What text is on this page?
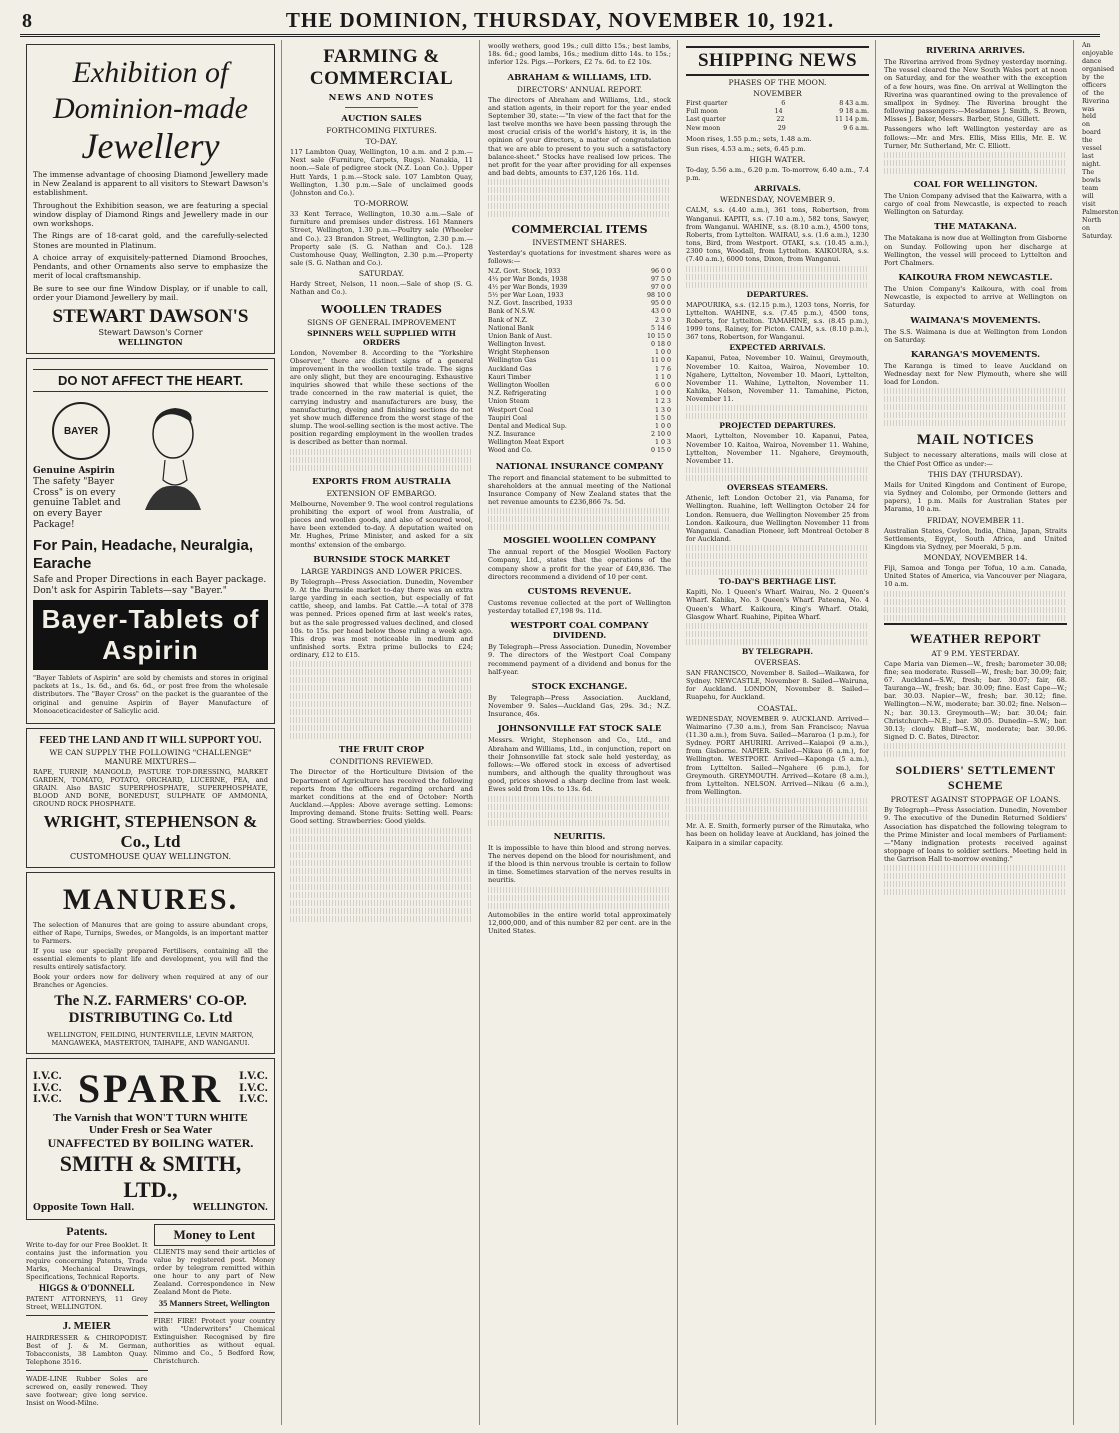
8	THE DOMINION, THURSDAY, NOVEMBER 10, 1921.
Exhibition of
Dominion-made
Jewellery

The immense advantage of choosing Diamond Jewellery made in New Zealand is apparent to all visitors to Stewart Dawson's establishment.

Throughout the Exhibition season, we are featuring a special window display of Diamond Rings and Jewellery made in our own workshops.

The Rings are of 18-carat gold, and the carefully-selected Stones are mounted in Platinum.

A choice array of exquisitely-patterned Diamond Brooches, Pendants, and other Ornaments also serve to emphasize the merit of local craftsmanship.

Be sure to see our fine Window Display, or if unable to call, order your Diamond Jewellery by mail.

STEWART DAWSON'S
Stewart Dawson's Corner
WELLINGTON
DO NOT AFFECT THE HEART.
BAYER
Genuine Aspirin
The safety "Bayer Cross" is on every genuine Tablet and on every Bayer Package!
For Pain, Headache, Neuralgia, Earache
Safe and Proper Directions in each Bayer package. Don't ask for Aspirin Tablets—say "Bayer."
Bayer-Tablets of Aspirin
"Bayer Tablets of Aspirin" are sold by chemists and stores in original packets at 1s., 1s. 6d., and 6s. 6d., or post free from the wholesale distributors. The "Bayer Cross" on the packet is the guarantee of the original and genuine Aspirin of Bayer Manufacture of Monoaceticacidester of Salicylic acid.
FEED THE LAND AND IT WILL SUPPORT YOU.
WE CAN SUPPLY THE FOLLOWING "CHALLENGE" MANURE MIXTURES—
RAPE, TURNIP, MANGOLD, PASTURE TOP-DRESSING, MARKET GARDEN, TOMATO, POTATO, ORCHARD, LUCERNE, PEA, and GRAIN. Also BASIC SUPERPHOSPHATE, SUPERPHOSPHATE, BLOOD AND BONE, BONEDUST, SULPHATE OF AMMONIA, GROUND ROCK PHOSPHATE.
WRIGHT, STEPHENSON & Co., Ltd
CUSTOMHOUSE QUAY WELLINGTON.
MANURES.
The selection of Manures that are going to assure abundant crops, either of Rape, Turnips, Swedes, or Mangolds, is an important matter to Farmers.
If you use our specially prepared Fertilisers, containing all the essential elements to plant life and development, you will find the results entirely satisfactory.
Book your orders now for delivery when required at any of our Branches or Agencies.
The N.Z. FARMERS' CO-OP. DISTRIBUTING Co. Ltd
WELLINGTON, FEILDING, HUNTERVILLE, LEVIN MARTON, MANGAWEKA, MASTERTON, TAIHAPE, AND WANGANUI.
I.V.C.
I.V.C.
I.V.C. SPARR I.V.C.
I.V.C.
I.V.C.
The Varnish that WON'T TURN WHITE
Under Fresh or Sea Water
UNAFFECTED BY BOILING WATER.
SMITH & SMITH, LTD.,
Opposite Town Hall.	WELLINGTON.
Patents.
Write to-day for our Free Booklet. It contains just the information you require concerning Patents, Trade Marks, Mechanical Drawings, Specifications, Technical Reports.
HIGGS & O'DONNELL
PATENT ATTORNEYS, 11 Grey Street, WELLINGTON.
J. MEIER
HAIRDRESSER & CHIROPODIST. Best of J. & M. German, Tobacconists, 38 Lambton Quay. Telephone 3516.
WADE-LINE Rubber Soles are screwed on, easily renewed. They save footwear; give long service. Insist on Wood-Milne.
Money to Lent
CLIENTS may send their articles of value by registered post. Money order by telegram remitted within one hour to any part of New Zealand. Correspondence in New Zealand Mont de Piete.
35 Manners Street, Wellington
FIRE! FIRE! Protect your country with "Underwriters" Chemical Extinguisher. Recognised by fire authorities as without equal. Nimmo and Co., 5 Bedford Row, Christchurch.
FARMING & COMMERCIAL
NEWS AND NOTES
AUCTION SALES
FORTHCOMING FIXTURES.
TO-DAY.
117 Lambton Quay, Wellington, 10 a.m. and 2 p.m.—Next sale (Furniture, Carpets, Rugs). Nanakia, 11 noon.—Sale of pedigree stock (N.Z. Loan Co.). Upper Hutt Yards, 1 p.m.—Stock sale. 107 Lambton Quay, Wellington, 1.30 p.m.—Sale of unclaimed goods (Johnston and Co.).
TO-MORROW.
33 Kent Terrace, Wellington, 10.30 a.m.—Sale of furniture and premises under distress. 161 Manners Street, Wellington, 1.30 p.m.—Poultry sale (Wheeler and Co.). 23 Brandon Street, Wellington, 2.30 p.m.—Property sale (S. G. Nathan and Co.). 128 Customhouse Quay, Wellington, 2.30 p.m.—Property sale (S. G. Nathan and Co.).
SATURDAY.
Hardy Street, Nelson, 11 noon.—Sale of shop (S. G. Nathan and Co.).
WOOLLEN TRADES
SIGNS OF GENERAL IMPROVEMENT
SPINNERS WELL SUPPLIED WITH ORDERS
London, November 8. According to the "Yorkshire Observer," there are distinct signs of a general improvement in the woollen textile trade. The signs are only slight, but they are encouraging. Exhaustive inquiries showed that while these sections of the trade concerned in the raw material is quiet, the carrying industry and manufacturers are busy, the manufacturing, dyeing and finishing sections do not yet show much difference from the worst stage of the slump. The wool-selling section is the most active. The position regarding employment in the woollen trades is described as better than normal.
EXPORTS FROM AUSTRALIA
EXTENSION OF EMBARGO.
Melbourne, November 9. The wool control regulations prohibiting the export of wool from Australia, of pieces and woollen goods, and also of scoured wool, have been extended to-day. A deputation waited on Mr. Hughes, Prime Minister, and asked for a six months' extension of the embargo.
BURNSIDE STOCK MARKET
LARGE YARDINGS AND LOWER PRICES.
By Telegraph—Press Association. Dunedin, November 9. At the Burnside market to-day there was an extra large yarding in each section, but especially of fat cattle, sheep, and lambs. Fat Cattle.—A total of 378 was penned. Prices opened firm at last week's rates, but as the sale progressed values declined, and closed 10s. to 15s. per head below those ruling a week ago. This drop was most noticeable in medium and unfinished sorts. Extra prime bullocks to £24; ordinary, £12 to £15.
THE FRUIT CROP
CONDITIONS REVIEWED.
The Director of the Horticulture Division of the Department of Agriculture has received the following reports from the officers regarding orchard and market conditions at the end of October: North Auckland.—Apples: Above average setting. Lemons: Improving demand. Stone fruits: Setting well. Pears: Good setting. Strawberries: Good yields.
woolly wethers, good 19s.; cull ditto 15s.; best lambs, 18s. 6d.; good lambs, 16s.; medium ditto 14s. to 15s.; inferior 12s. Pigs.—Porkers, £2 7s. 6d. to £2 10s.
ABRAHAM & WILLIAMS, LTD.
DIRECTORS' ANNUAL REPORT.
The directors of Abraham and Williams, Ltd., stock and station agents, in their report for the year ended September 30, state:—"In view of the fact that for the last twelve months we have been passing through the most crucial crisis of the world's history, it is, in the opinion of your directors, a matter of congratulation that we are able to present to you such a satisfactory balance-sheet." Stocks have realised low prices. The net profit for the year after providing for all expenses and bad debts, amounts to £37,126 16s. 11d.
COMMERCIAL ITEMS
INVESTMENT SHARES.
Yesterday's quotations for investment shares were as follows:—
N.Z. Govt. Stock, 1933	96 0 0
4¼ per War Bonds, 1938	97 5 0
4½ per War Bonds, 1939	97 0 0
5½ per War Loan, 1933	98 10 0
N.Z. Govt. Inscribed, 1933	95 0 0
Bank of N.S.W.	43 0 0
Bank of N.Z.	2 3 0
National Bank	5 14 6
Union Bank of Aust.	10 15 0
Wellington Invest.	0 18 0
Wright Stephenson	1 0 0
Wellington Gas	11 0 0
Auckland Gas	1 7 6
Kauri Timber	1 1 0
Wellington Woollen	6 0 0
N.Z. Refrigerating	1 0 0
Union Steam	1 2 3
Westport Coal	1 3 0
Taupiri Coal	1 5 0
Dental and Medical Sup.	1 0 0
N.Z. Insurance	2 10 0
Wellington Meat Export	1 0 3
Wood and Co.	0 15 0
NATIONAL INSURANCE COMPANY
The report and financial statement to be submitted to shareholders at the annual meeting of the National Insurance Company of New Zealand states that the net revenue amounts to £236,866 7s. 5d.
MOSGIEL WOOLLEN COMPANY
The annual report of the Mosgiel Woollen Factory Company, Ltd., states that the operations of the company show a profit for the year of £49,836. The directors recommend a dividend of 10 per cent.
CUSTOMS REVENUE.
Customs revenue collected at the port of Wellington yesterday totalled £7,198 9s. 11d.
WESTPORT COAL COMPANY DIVIDEND.
By Telegraph—Press Association. Dunedin, November 9. The directors of the Westport Coal Company recommend payment of a dividend and bonus for the half-year.
STOCK EXCHANGE.
By Telegraph—Press Association. Auckland, November 9. Sales—Auckland Gas, 29s. 3d.; N.Z. Insurance, 46s.
JOHNSONVILLE FAT STOCK SALE
Messrs. Wright, Stephenson and Co., Ltd., and Abraham and Williams, Ltd., in conjunction, report on their Johnsonville fat stock sale held yesterday, as follows:—We offered stock in excess of advertised numbers, and although the quality throughout was good, prices showed a sharp decline from last week. Ewes sold from 10s. to 13s. 6d.
NEURITIS.
It is impossible to have thin blood and strong nerves. The nerves depend on the blood for nourishment, and if the blood is thin nervous trouble is certain to follow in time. Sometimes starvation of the nerves results in neuritis.
Automobiles in the entire world total approximately 12,000,000, and of this number 82 per cent. are in the United States.
SHIPPING NEWS
PHASES OF THE MOON.
NOVEMBER
First quarter	6	8 43 a.m.
Full moon	14	9 18 a.m.
Last quarter	22	11 14 p.m.
New moon	29	9 6 a.m.
Moon rises, 1.55 p.m.; sets, 1.48 a.m.
Sun rises, 4.53 a.m.; sets, 6.45 p.m.
HIGH WATER.
To-day, 5.56 a.m., 6.20 p.m. To-morrow, 6.40 a.m., 7.4 p.m.
ARRIVALS.
WEDNESDAY, NOVEMBER 9.
CALM, s.s. (4.40 a.m.), 361 tons, Robertson, from Wanganui. KAPITI, s.s. (7.10 a.m.), 582 tons, Sawyer, from Wanganui. WAHINE, s.s. (8.10 a.m.), 4500 tons, Roberts, from Lyttelton. WAIRAU, s.s. (1.6 a.m.), 1230 tons, Bird, from Westport. OTAKI, s.s. (10.45 a.m.), 2300 tons, Woodall, from Lyttelton. KAIKOURA, s.s. (7.40 a.m.), 6000 tons, Dixon, from Wanganui.
DEPARTURES.
MAPOURIKA, s.s. (12.15 p.m.), 1203 tons, Norris, for Lyttelton. WAHINE, s.s. (7.45 p.m.), 4500 tons, Roberts, for Lyttelton. TAMAHINE, s.s. (8.45 p.m.), 1999 tons, Rainey, for Picton. CALM, s.s. (8.10 p.m.), 367 tons, Robertson, for Wanganui.
EXPECTED ARRIVALS.
Kapanui, Patea, November 10. Wainui, Greymouth, November 10. Kaitoa, Wairoa, November 10. Ngahere, Lyttelton, November 10. Maori, Lyttelton, November 11. Wahine, Lyttelton, November 11. Kahika, Nelson, November 11. Tamahine, Picton, November 11.
PROJECTED DEPARTURES.
Maori, Lyttelton, November 10. Kapanui, Patea, November 10. Kaitoa, Wairoa, November 11. Wahine, Lyttelton, November 11. Ngahere, Greymouth, November 11.
OVERSEAS STEAMERS.
Athenic, left London October 21, via Panama, for Wellington. Ruahine, left Wellington October 24 for London. Remuera, due Wellington November 25 from London. Kaikoura, due Wellington November 11 from Wanganui. Canadian Pioneer, left Montreal October 8 for Auckland.
TO-DAY'S BERTHAGE LIST.
Kapiti, No. 1 Queen's Wharf. Wairau, No. 2 Queen's Wharf. Kahika, No. 3 Queen's Wharf. Pateena, No. 4 Queen's Wharf. Kaikoura, King's Wharf. Otaki, Glasgow Wharf. Ruahine, Pipitea Wharf.
BY TELEGRAPH.
OVERSEAS.
SAN FRANCISCO, November 8. Sailed—Waikawa, for Sydney. NEWCASTLE, November 8. Sailed—Wairuna, for Auckland. LONDON, November 8. Sailed—Ruapehu, for Auckland.
COASTAL.
WEDNESDAY, NOVEMBER 9. AUCKLAND. Arrived—Waimarino (7.30 a.m.), from San Francisco; Navua (11.30 a.m.), from Suva. Sailed—Mararoa (1 p.m.), for Sydney. PORT AHURIRI. Arrived—Kaiapoi (9 a.m.), from Gisborne. NAPIER. Sailed—Nikau (6 a.m.), for Wellington. WESTPORT. Arrived—Kaponga (5 a.m.), from Lyttelton. Sailed—Ngahere (6 p.m.), for Greymouth. GREYMOUTH. Arrived—Kotare (8 a.m.), from Lyttelton. NELSON. Arrived—Nikau (6 a.m.), from Wellington.
Mr. A. E. Smith, formerly purser of the Rimutaka, who has been on holiday leave at Auckland, has joined the Kaipara in a similar capacity.
RIVERINA ARRIVES.
The Riverina arrived from Sydney yesterday morning. The vessel cleared the New South Wales port at noon on Saturday, and for the weather with the exception of a few hours, was fine. On arrival at Wellington the Riverina was quarantined owing to the prevalence of smallpox in Sydney. The Riverina brought the following passengers:—Mesdames J. Smith, S. Brown, Misses J. Baker, Messrs. Barber, Stone, Gillett.
Passengers who left Wellington yesterday are as follows:—Mr. and Mrs. Ellis, Miss Ellis, Mr. E. W. Turner, Mr. Sutherland, Mr. C. Elliott.
COAL FOR WELLINGTON.
The Union Company advised that the Kaiwarra, with a cargo of coal from Newcastle, is expected to reach Wellington on Saturday.
THE MATAKANA.
The Matakana is now due at Wellington from Gisborne on Sunday. Following upon her discharge at Wellington, the vessel will proceed to Lyttelton and Port Chalmers.
KAIKOURA FROM NEWCASTLE.
The Union Company's Kaikoura, with coal from Newcastle, is expected to arrive at Wellington on Saturday.
WAIMANA'S MOVEMENTS.
The S.S. Waimana is due at Wellington from London on Saturday.
KARANGA'S MOVEMENTS.
The Karanga is timed to leave Auckland on Wednesday next for New Plymouth, where she will load for London.
MAIL NOTICES
Subject to necessary alterations, mails will close at the Chief Post Office as under:—
THIS DAY (THURSDAY).
Mails for United Kingdom and Continent of Europe, via Sydney and Colombo, per Ormonde (letters and papers), 1 p.m. Mails for Australian States per Marama, 10 a.m.
FRIDAY, NOVEMBER 11.
Australian States, Ceylon, India, China, Japan, Straits Settlements, Egypt, South Africa, and United Kingdom via Sydney, per Moeraki, 5 p.m.
MONDAY, NOVEMBER 14.
Fiji, Samoa and Tonga per Tofua, 10 a.m. Canada, United States of America, via Vancouver per Niagara, 10 a.m.
WEATHER REPORT
AT 9 P.M. YESTERDAY.
Cape Maria van Diemen—W., fresh; barometer 30.08; fine; sea moderate. Russell—W., fresh; bar. 30.09; fair, 67. Auckland—S.W., fresh; bar. 30.07; fair, 68. Tauranga—W., fresh; bar. 30.09; fine. East Cape—W.; bar. 30.03. Napier—W., fresh; bar. 30.12; fine. Wellington—N.W., moderate; bar. 30.02; fine. Nelson—N.; bar. 30.13. Greymouth—W.; bar. 30.04; fair. Christchurch—N.E.; bar. 30.05. Dunedin—S.W.; bar. 30.13; cloudy. Bluff—S.W., moderate; bar. 30.06. Signed D. C. Bates, Director.
SOLDIERS' SETTLEMENT SCHEME
PROTEST AGAINST STOPPAGE OF LOANS.
By Telegraph—Press Association. Dunedin, November 9. The executive of the Dunedin Returned Soldiers' Association has dispatched the following telegram to the Prime Minister and local members of Parliament:—"Many indignation protests received against stoppage of loans to soldier settlers. Meeting held in the Garrison Hall to-morrow evening."
An enjoyable dance organised by the officers of the Riverina was held on board the vessel last night. The bowls team will visit Palmerston North on Saturday.
